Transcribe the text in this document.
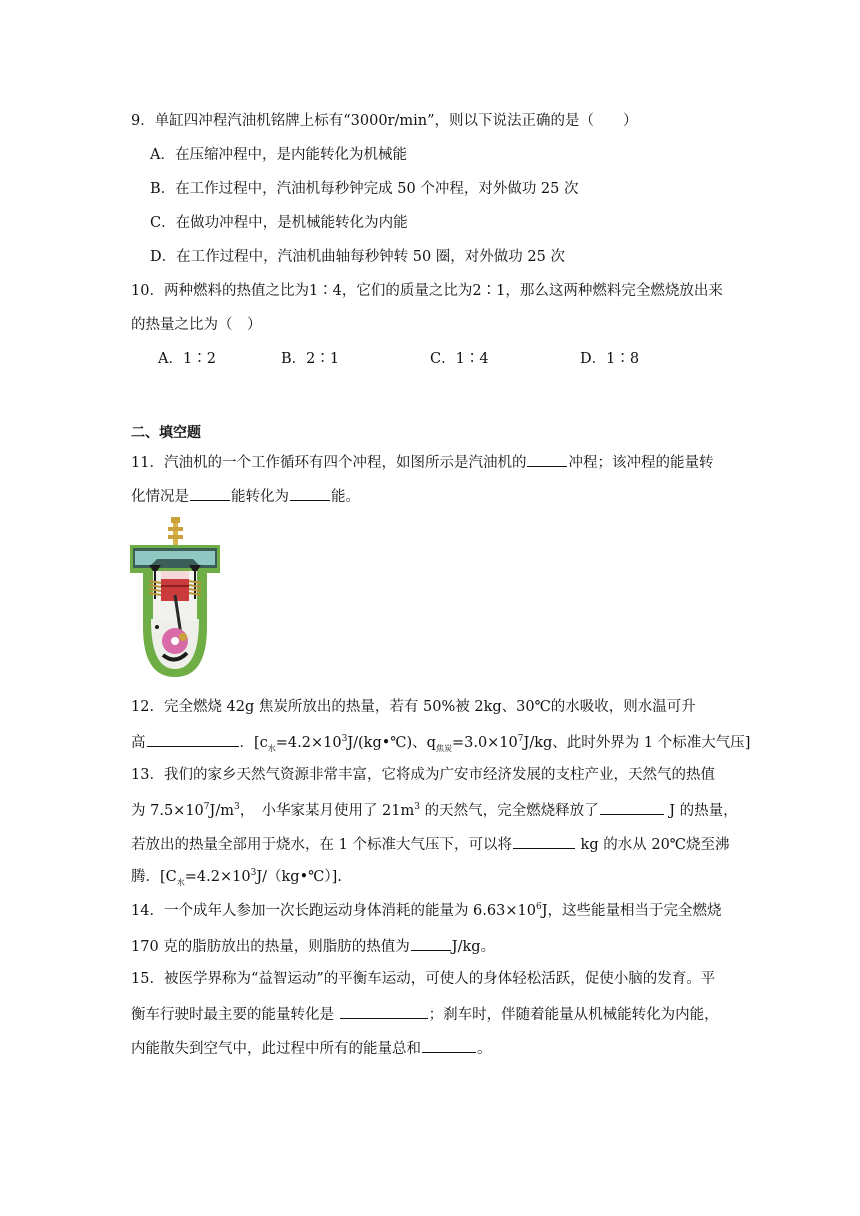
9．单缸四冲程汽油机铭牌上标有“3000r/min”，则以下说法正确的是（　　）
A．在压缩冲程中，是内能转化为机械能
B．在工作过程中，汽油机每秒钟完成 50 个冲程，对外做功 25 次
C．在做功冲程中，是机械能转化为内能
D．在工作过程中，汽油机曲轴每秒钟转 50 圈，对外做功 25 次
10．两种燃料的热值之比为1∶4，它们的质量之比为2∶1，那么这两种燃料完全燃烧放出来
的热量之比为（　）
A．1∶2	B．2∶1	C．1∶4	D．1∶8
二、填空题
11．汽油机的一个工作循环有四个冲程，如图所示是汽油机的	冲程；该冲程的能量转
化情况是	能转化为	能。
12．完全燃烧 42g 焦炭所放出的热量，若有 50%被 2kg、30℃的水吸收，则水温可升
高	．[$c_水=4.2\times 10^3J/(kg•℃)$、$q_{焦炭}=3.0\times 10^7J/kg$、此时外界为 1 个标准大气压]
13．我们的家乡天然气资源非常丰富，它将成为广安市经济发展的支柱产业，天然气的热值
为 $7.5\times 10^7J/m^3$，　小华家某月使用了 $21m^3$ 的天然气，完全燃烧释放了	J 的热量，
若放出的热量全部用于烧水，在 1 个标准大气压下，可以将	kg 的水从 20℃烧至沸
腾．$[C_水=4.2\times 10^3J/(kg•℃)]$.
14．一个成年人参加一次长跑运动身体消耗的能量为 $6.63\times 10^6J$，这些能量相当于完全燃烧
170 克的脂肪放出的热量，则脂肪的热值为	J/kg。
15．被医学界称为“益智运动”的平衡车运动，可使人的身体轻松活跃，促使小脑的发育。平
衡车行驶时最主要的能量转化是	；刹车时，伴随着能量从机械能转化为内能，
内能散失到空气中，此过程中所有的能量总和	。
